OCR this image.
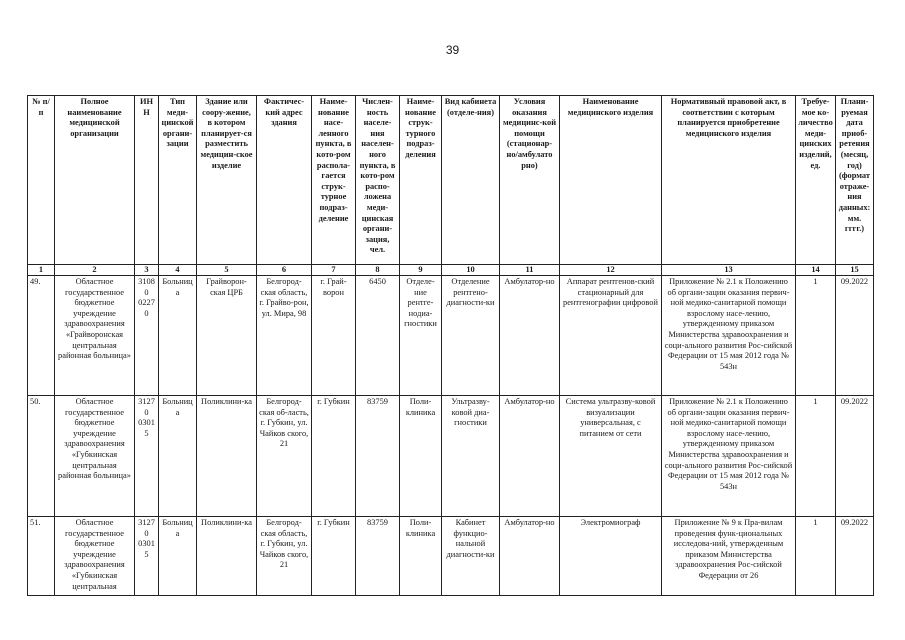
39
№ п/п	Полное наименование медицинской организации	ИНН	Тип меди-цинской органи-зации	Здание или соору-жение, в котором планирует-ся разместить медицин-ское изделие	Фактичес-кий адрес здания	Наиме-нование насе-ленного пункта, в кото-ром распола-гается струк-турное подраз-деление	Числен-ность населе-ния населен-ного пункта, в кото-ром распо-ложена меди-цинская органи-зация, чел.	Наиме-нование струк-турного подраз-деления	Вид кабинета (отделе-ния)	Условия оказания медицинс-кой помощи (стационар-но/амбулато рно)	Наименование медицинского изделия	Нормативный правовой акт, в соответствии с которым планируется приобретение медицинского изделия	Требуе-мое ко-личество меди-цинских изделий, ед.	Плани-руемая дата приоб-ретения (месяц, год) (формат отраже-ния данных: мм. гггг.)
1	2	3	4	5	6	7	8	9	10	11	12	13	14	15
49.	Областное государственное бюджетное учреждение здравоохранения «Грайворонская центральная районная больница»	31080 02270	Больница	Грайворон-ская ЦРБ	Белгород-ская область, г. Грайво-рон, ул. Мира, 98	г. Грай-ворон	6450	Отделе-ние рентге-нодиа-гностики	Отделение рентгено-диагности-ки	Амбулатор-но	Аппарат рентгенов-ский стационарный для рентгенографии цифровой	Приложение № 2.1 к Положению об органи-зации оказания первич-ной медико-санитарной помощи взрослому насе-лению, утвержденному приказом Министерства здравоохранения и соци-ального развития Рос-сийской Федерации от 15 мая 2012 года № 543н	1	09.2022
50.	Областное государственное бюджетное учреждение здравоохранения «Губкинская центральная районная больница»	31270 03015	Больница	Поликлини-ка	Белгород-ская об-ласть, г. Губкин, ул. Чайков ского, 21	г. Губкин	83759	Поли-клиника	Ультразву-ковой диа-гностики	Амбулатор-но	Система ультразву-ковой визуализации универсальная, с питанием от сети	Приложение № 2.1 к Положению об органи-зации оказания первич-ной медико-санитарной помощи взрослому насе-лению, утвержденному приказом Министерства здравоохранения и соци-ального развития Рос-сийской Федерации от 15 мая 2012 года № 543н	1	09.2022
51.	Областное государственное бюджетное учреждение здравоохранения «Губкинская центральная	31270 03015	Больница	Поликлини-ка	Белгород-ская область, г. Губкин, ул. Чайков ского, 21	г. Губкин	83759	Поли-клиника	Кабинет функцио-нальной диагности-ки	Амбулатор-но	Электромиограф	Приложение № 9 к Пра-вилам проведения функ-циональных исследова-ний, утвержденным приказом Министерства здравоохранения Рос-сийской Федерации от 26	1	09.2022
